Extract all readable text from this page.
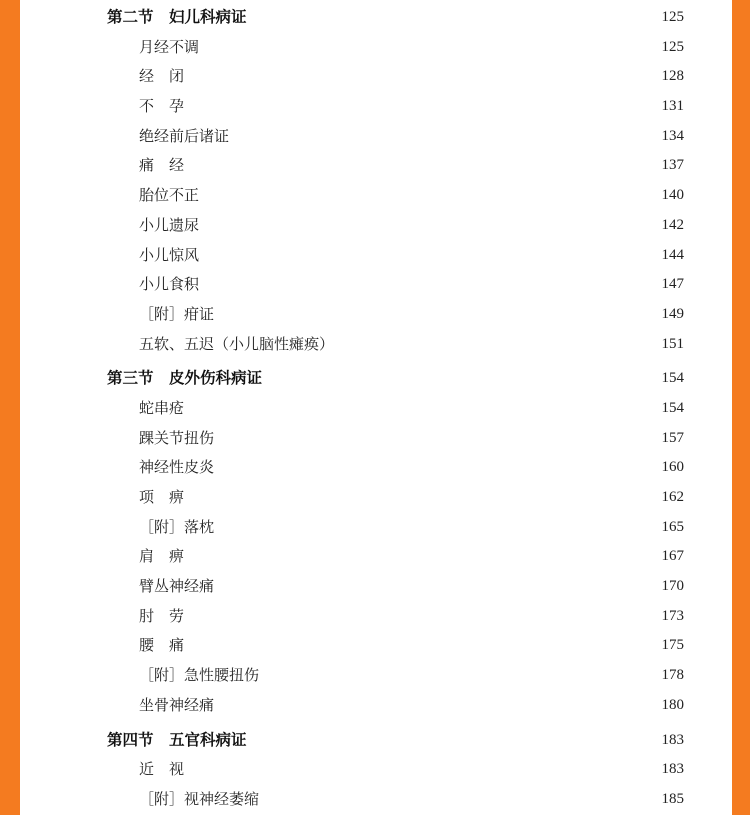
第二节　妇儿科病证	125
月经不调	125
经　闭	128
不　孕	131
绝经前后诸证	134
痛　经	137
胎位不正	140
小儿遗尿	142
小儿惊风	144
小儿食积	147
［附］疳证	149
五软、五迟（小儿脑性瘫痪）	151
第三节　皮外伤科病证	154
蛇串疮	154
踝关节扭伤	157
神经性皮炎	160
项　痹	162
［附］落枕	165
肩　痹	167
臂丛神经痛	170
肘　劳	173
腰　痛	175
［附］急性腰扭伤	178
坐骨神经痛	180
第四节　五官科病证	183
近　视	183
［附］视神经萎缩	185
